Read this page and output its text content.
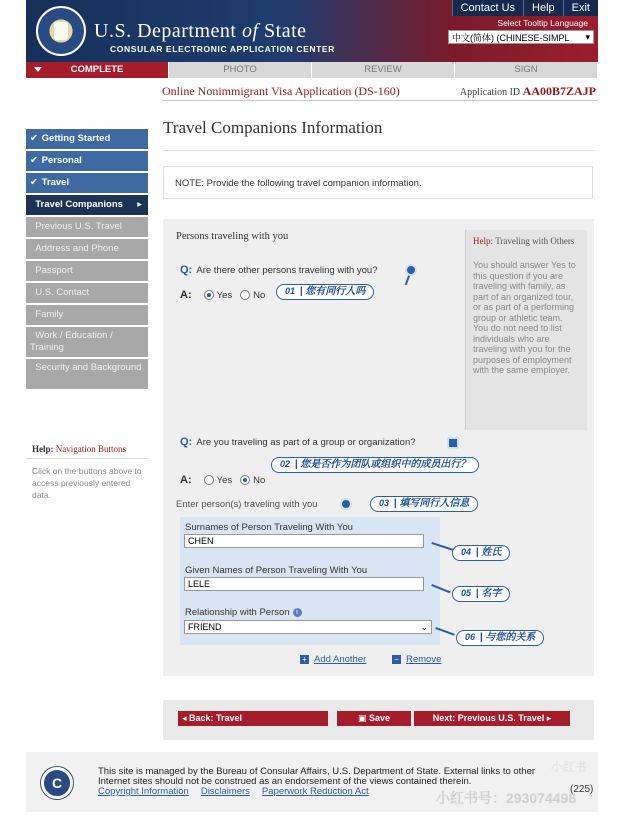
U.S. Department of State
CONSULAR ELECTRONIC APPLICATION CENTER
Contact Us	Help	Exit
Select Tooltip Language
中文(简体) (CHINESE-SIMPL ▾
COMPLETE	PHOTO	REVIEW	SIGN
Online Nonimmigrant Visa Application (DS-160)	Application ID AA00B7ZAJP
✔ Getting Started
✔ Personal
✔ Travel
Travel Companions ▸
Previous U.S. Travel
Address and Phone
Passport
U.S. Contact
Family
Work / Education / Training
Security and Background
Help: Navigation Buttons

Click on the buttons above to access previously entered data.

Travel Companions Information
NOTE: Provide the following travel companion information.
Persons traveling with you	Help: Traveling with Others

You should answer Yes to this question if you are traveling with family, as part of an organized tour, or as part of a performing group or athletic team. You do not need to list individuals who are traveling with you for the purposes of employment with the same employer.

Q: Are there other persons traveling with you?
A:	Yes No
Q: Are you traveling as part of a group or organization?
A:	Yes No
Enter person(s) traveling with you
Surnames of Person Traveling With You
CHEN
Given Names of Person Traveling With You
LELE
Relationship with Person i
FRIEND	⌄
+ Add Another
−	Remove
01 | 您有同行人吗
02 | 您是否作为团队或组织中的成员出行？
03 | 填写同行人信息
04 | 姓氏
05 | 名字
06 | 与您的关系
◂ Back: Travel	▣ Save	Next: Previous U.S. Travel ▸
C
This site is managed by the Bureau of Consular Affairs, U.S. Department of State. External links to other Internet sites should not be construed as an endorsement of the views contained therein.
Copyright Information Disclaimers Paperwork Reduction Act
小红书
(225)
小红书号：293074498
